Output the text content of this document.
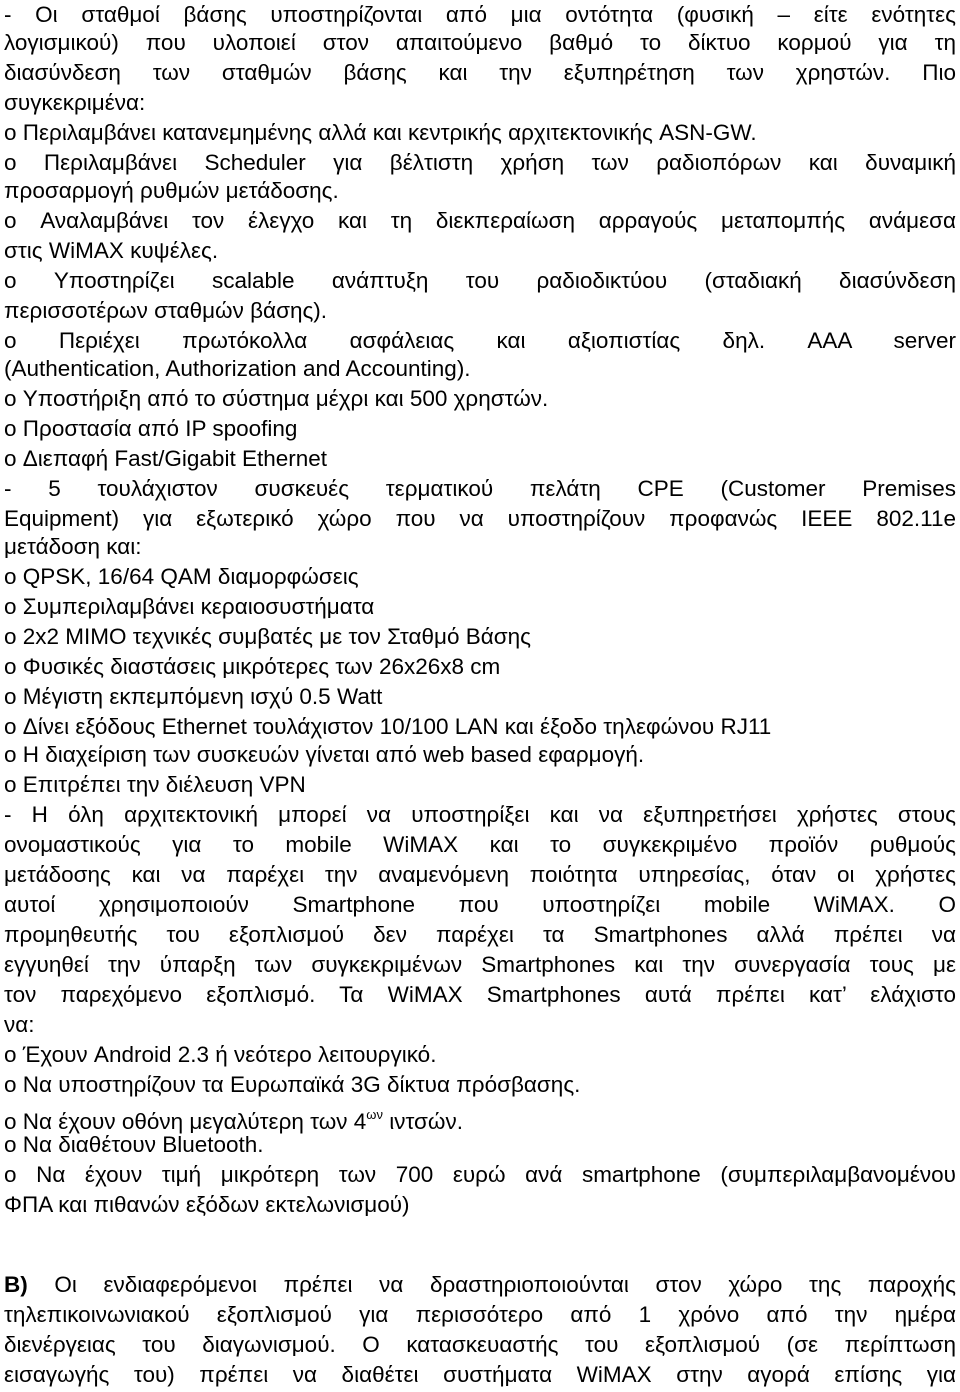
- Οι σταθμοί βάσης υποστηρίζονται από μια οντότητα (φυσική – είτε ενότητες
λογισμικού) που υλοποιεί στον απαιτούμενο βαθμό το δίκτυο κορμού για τη
διασύνδεση των σταθμών βάσης και την εξυπηρέτηση των χρηστών. Πιο
συγκεκριμένα:
o Περιλαμβάνει κατανεμημένης αλλά και κεντρικής αρχιτεκτονικής ASN-GW.
o Περιλαμβάνει Scheduler για βέλτιστη χρήση των ραδιοπόρων και δυναμική
προσαρμογή ρυθμών μετάδοσης.
o Αναλαμβάνει τον έλεγχο και τη διεκπεραίωση αρραγούς μεταπομπής ανάμεσα
στις WiMAX κυψέλες.
o Υποστηρίζει scalable ανάπτυξη του ραδιοδικτύου (σταδιακή διασύνδεση
περισσοτέρων σταθμών βάσης).
o Περιέχει πρωτόκολλα ασφάλειας και αξιοπιστίας δηλ. AAA server
(Authentication, Authorization and Accounting).
o Υποστήριξη από το σύστημα μέχρι και 500 χρηστών.
o Προστασία από IP spoofing
o Διεπαφή Fast/Gigabit Ethernet
- 5 τουλάχιστον συσκευές τερματικού πελάτη CPE (Customer Premises
Equipment) για εξωτερικό χώρο που να υποστηρίζουν προφανώς IEEE 802.11e
μετάδοση και:
o QPSK, 16/64 QAM διαμορφώσεις
o Συμπεριλαμβάνει κεραιοσυστήματα
o 2x2 MIMO τεχνικές συμβατές με τον Σταθμό Βάσης
o Φυσικές διαστάσεις μικρότερες των 26x26x8 cm
o Μέγιστη εκπεμπόμενη ισχύ 0.5 Watt
o Δίνει εξόδους Ethernet τουλάχιστον 10/100 LAN και έξοδο τηλεφώνου RJ11
o Η διαχείριση των συσκευών γίνεται από web based εφαρμογή.
o Επιτρέπει την διέλευση VPN
- Η όλη αρχιτεκτονική μπορεί να υποστηρίξει και να εξυπηρετήσει χρήστες στους
ονομαστικούς για το mobile WiMAX και το συγκεκριμένο προϊόν ρυθμούς
μετάδοσης και να παρέχει την αναμενόμενη ποιότητα υπηρεσίας, όταν οι χρήστες
αυτοί χρησιμοποιούν Smartphone που υποστηρίζει mobile WiMAX. Ο
προμηθευτής του εξοπλισμού δεν παρέχει τα Smartphones αλλά πρέπει να
εγγυηθεί την ύπαρξη των συγκεκριμένων Smartphones και την συνεργασία τους με
τον παρεχόμενο εξοπλισμό. Τα WiMAX Smartphones αυτά πρέπει κατ’ ελάχιστο
να:
o Έχουν Android 2.3 ή νεότερο λειτουργικό.
o Να υποστηρίζουν τα Ευρωπαϊκά 3G δίκτυα πρόσβασης.
o Να έχουν οθόνη μεγαλύτερη των $4^{\omega\nu}$ ιντσών.
o Να διαθέτουν Bluetooth.
o Να έχουν τιμή μικρότερη των 700 ευρώ ανά smartphone (συμπεριλαμβανομένου
ΦΠΑ και πιθανών εξόδων εκτελωνισμού)
B) Οι ενδιαφερόμενοι πρέπει να δραστηριοποιούνται στον χώρο της παροχής
τηλεπικοινωνιακού εξοπλισμού για περισσότερο από 1 χρόνο από την ημέρα
διενέργειας του διαγωνισμού. Ο κατασκευαστής του εξοπλισμού (σε περίπτωση
εισαγωγής του) πρέπει να διαθέτει συστήματα WiMAX στην αγορά επίσης για
